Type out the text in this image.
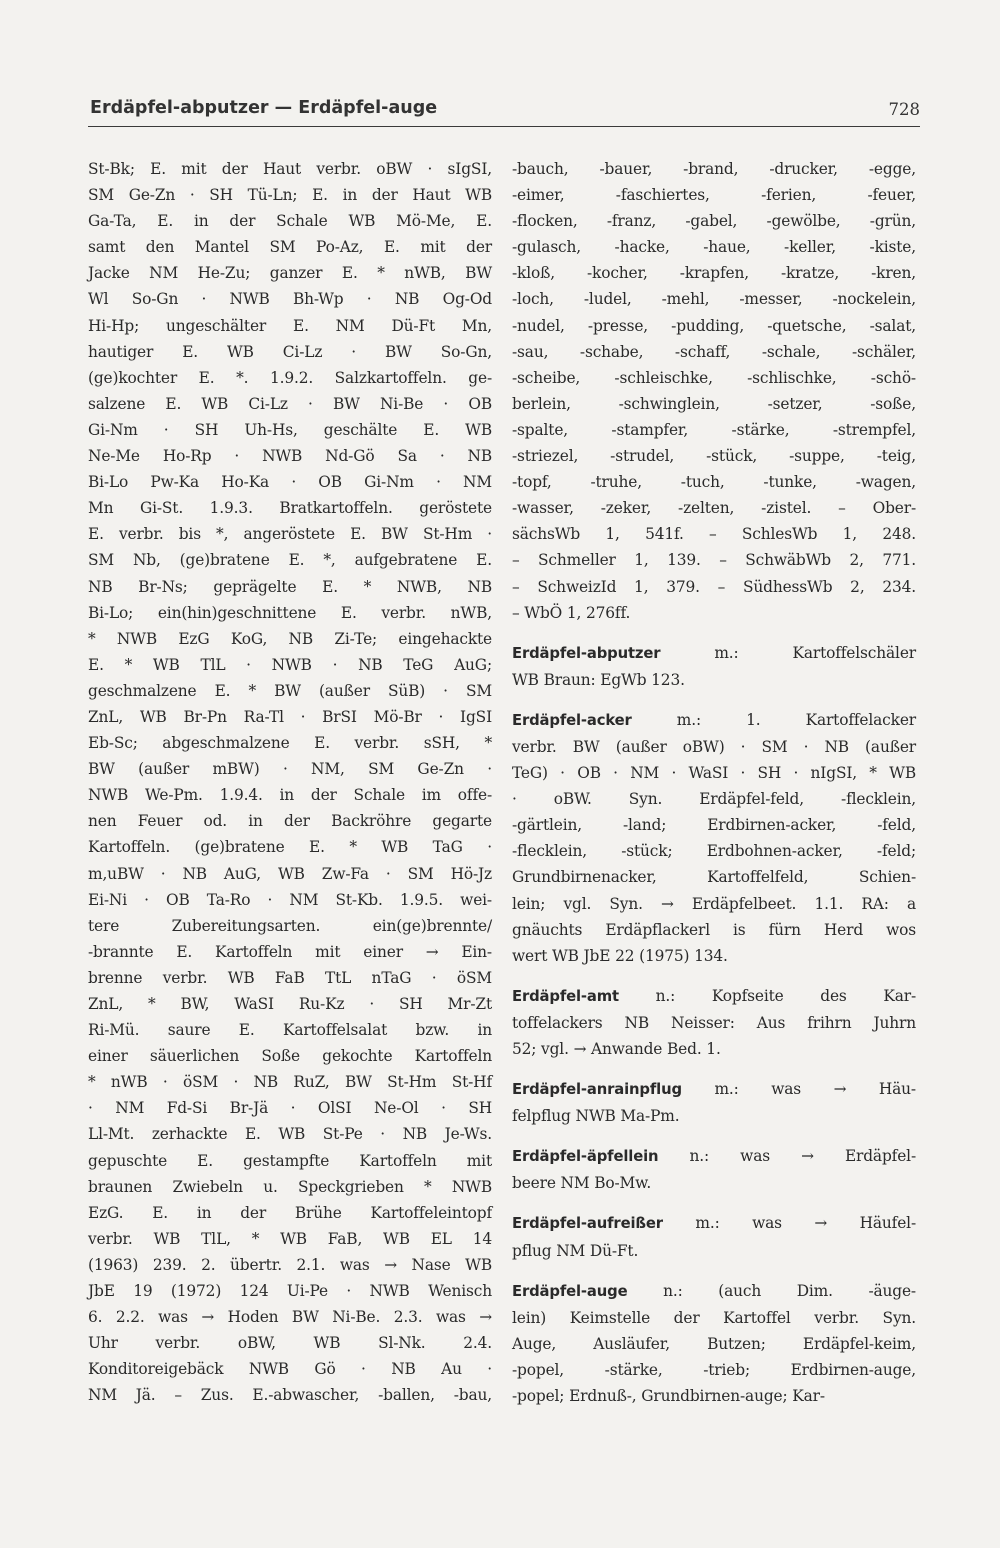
Erdäpfel-abputzer — Erdäpfel-auge	728
St-Bk; E. mit der Haut verbr. oBW · sIgSI,
SM Ge-Zn · SH Tü-Ln; E. in der Haut WB
Ga-Ta, E. in der Schale WB Mö-Me, E.
samt den Mantel SM Po-Az, E. mit der
Jacke NM He-Zu; ganzer E. * nWB, BW
Wl So-Gn · NWB Bh-Wp · NB Og-Od
Hi-Hp; ungeschälter E. NM Dü-Ft Mn,
hautiger E. WB Ci-Lz · BW So-Gn,
(ge)kochter E. *. 1.9.2. Salzkartoffeln. ge-
salzene E. WB Ci-Lz · BW Ni-Be · OB
Gi-Nm · SH Uh-Hs, geschälte E. WB
Ne-Me Ho-Rp · NWB Nd-Gö Sa · NB
Bi-Lo Pw-Ka Ho-Ka · OB Gi-Nm · NM
Mn Gi-St. 1.9.3. Bratkartoffeln. geröstete
E. verbr. bis *, angeröstete E. BW St-Hm ·
SM Nb, (ge)bratene E. *, aufgebratene E.
NB Br-Ns; geprägelte E. * NWB, NB
Bi-Lo; ein(hin)geschnittene E. verbr. nWB,
* NWB EzG KoG, NB Zi-Te; eingehackte
E. * WB TlL · NWB · NB TeG AuG;
geschmalzene E. * BW (außer SüB) · SM
ZnL, WB Br-Pn Ra-Tl · BrSI Mö-Br · IgSI
Eb-Sc; abgeschmalzene E. verbr. sSH, *
BW (außer mBW) · NM, SM Ge-Zn ·
NWB We-Pm. 1.9.4. in der Schale im offe-
nen Feuer od. in der Backröhre gegarte
Kartoffeln. (ge)bratene E. * WB TaG ·
m,uBW · NB AuG, WB Zw-Fa · SM Hö-Jz
Ei-Ni · OB Ta-Ro · NM St-Kb. 1.9.5. wei-
tere Zubereitungsarten. ein(ge)brennte/
-brannte E. Kartoffeln mit einer → Ein-
brenne verbr. WB FaB TtL nTaG · öSM
ZnL, * BW, WaSI Ru-Kz · SH Mr-Zt
Ri-Mü. saure E. Kartoffelsalat bzw. in
einer säuerlichen Soße gekochte Kartoffeln
* nWB · öSM · NB RuZ, BW St-Hm St-Hf
· NM Fd-Si Br-Jä · OlSI Ne-Ol · SH
Ll-Mt. zerhackte E. WB St-Pe · NB Je-Ws.
gepuschte E. gestampfte Kartoffeln mit
braunen Zwiebeln u. Speckgrieben * NWB
EzG. E. in der Brühe Kartoffeleintopf
verbr. WB TlL, * WB FaB, WB EL 14
(1963) 239. 2. übertr. 2.1. was → Nase WB
JbE 19 (1972) 124 Ui-Pe · NWB Wenisch
6. 2.2. was → Hoden BW Ni-Be. 2.3. was →
Uhr verbr. oBW, WB Sl-Nk. 2.4.
Konditoreigebäck NWB Gö · NB Au ·
NM Jä. – Zus. E.-abwascher, -ballen, -bau,
-bauch, -bauer, -brand, -drucker, -egge,
-eimer, -faschiertes, -ferien, -feuer,
-flocken, -franz, -gabel, -gewölbe, -grün,
-gulasch, -hacke, -haue, -keller, -kiste,
-kloß, -kocher, -krapfen, -kratze, -kren,
-loch, -ludel, -mehl, -messer, -nockelein,
-nudel, -presse, -pudding, -quetsche, -salat,
-sau, -schabe, -schaff, -schale, -schäler,
-scheibe, -schleischke, -schlischke, -schö-
berlein, -schwinglein, -setzer, -soße,
-spalte, -stampfer, -stärke, -strempfel,
-striezel, -strudel, -stück, -suppe, -teig,
-topf, -truhe, -tuch, -tunke, -wagen,
-wasser, -zeker, -zelten, -zistel. – Ober-
sächsWb 1, 541f. – SchlesWb 1, 248.
– Schmeller 1, 139. – SchwäbWb 2, 771.
– SchweizId 1, 379. – SüdhessWb 2, 234.
– WbÖ 1, 276ff.
Erdäpfel-abputzer m.: Kartoffelschäler
WB Braun: EgWb 123.
Erdäpfel-acker m.: 1. Kartoffelacker
verbr. BW (außer oBW) · SM · NB (außer
TeG) · OB · NM · WaSI · SH · nIgSI, * WB
· oBW. Syn. Erdäpfel-feld, -flecklein,
-gärtlein, -land; Erdbirnen-acker, -feld,
-flecklein, -stück; Erdbohnen-acker, -feld;
Grundbirnenacker, Kartoffelfeld, Schien-
lein; vgl. Syn. → Erdäpfelbeet. 1.1. RA: a
gnäuchts Erdäpflackerl is fürn Herd wos
wert WB JbE 22 (1975) 134.
Erdäpfel-amt n.: Kopfseite des Kar-
toffelackers NB Neisser: Aus frihrn Juhrn
52; vgl. → Anwande Bed. 1.
Erdäpfel-anrainpflug m.: was → Häu-
felpflug NWB Ma-Pm.
Erdäpfel-äpfellein n.: was → Erdäpfel-
beere NM Bo-Mw.
Erdäpfel-aufreißer m.: was → Häufel-
pflug NM Dü-Ft.
Erdäpfel-auge n.: (auch Dim. -äuge-
lein) Keimstelle der Kartoffel verbr. Syn.
Auge, Ausläufer, Butzen; Erdäpfel-keim,
-popel, -stärke, -trieb; Erdbirnen-auge,
-popel; Erdnuß-, Grundbirnen-auge; Kar-
